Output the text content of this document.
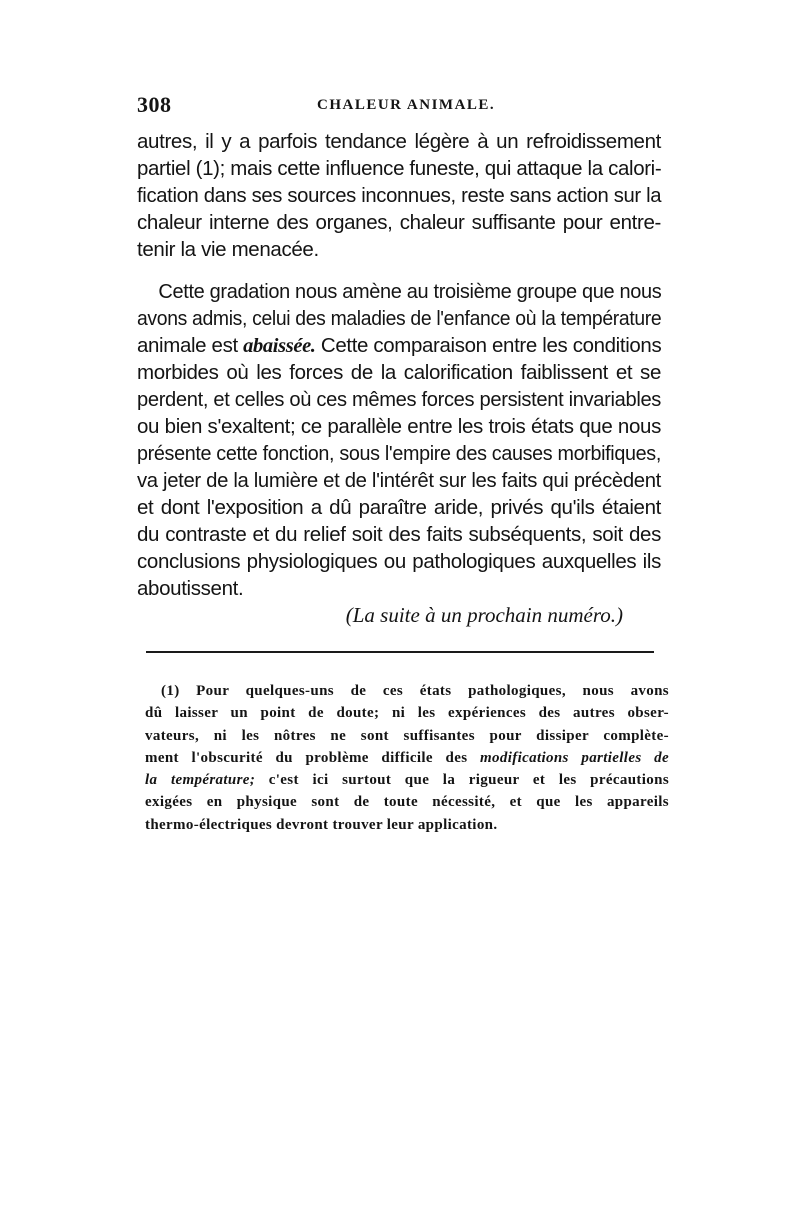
308	CHALEUR ANIMALE.
autres, il y a parfois tendance légère à un refroidissement
partiel (1); mais cette influence funeste, qui attaque la calori-
fication dans ses sources inconnues, reste sans action sur la
chaleur interne des organes, chaleur suffisante pour entre-
tenir la vie menacée.
Cette gradation nous amène au troisième groupe que nous
avons admis, celui des maladies de l'enfance où la température
animale est abaissée. Cette comparaison entre les conditions
morbides où les forces de la calorification faiblissent et se
perdent, et celles où ces mêmes forces persistent invariables
ou bien s'exaltent; ce parallèle entre les trois états que nous
présente cette fonction, sous l'empire des causes morbifiques,
va jeter de la lumière et de l'intérêt sur les faits qui précèdent
et dont l'exposition a dû paraître aride, privés qu'ils étaient
du contraste et du relief soit des faits subséquents, soit des
conclusions physiologiques ou pathologiques auxquelles ils
aboutissent.
(La suite à un prochain numéro.)
(1) Pour quelques-uns de ces états pathologiques, nous avons
dû laisser un point de doute; ni les expériences des autres obser-
vateurs, ni les nôtres ne sont suffisantes pour dissiper complète-
ment l'obscurité du problème difficile des modifications partielles de
la température; c'est ici surtout que la rigueur et les précautions
exigées en physique sont de toute nécessité, et que les appareils
thermo-électriques devront trouver leur application.
